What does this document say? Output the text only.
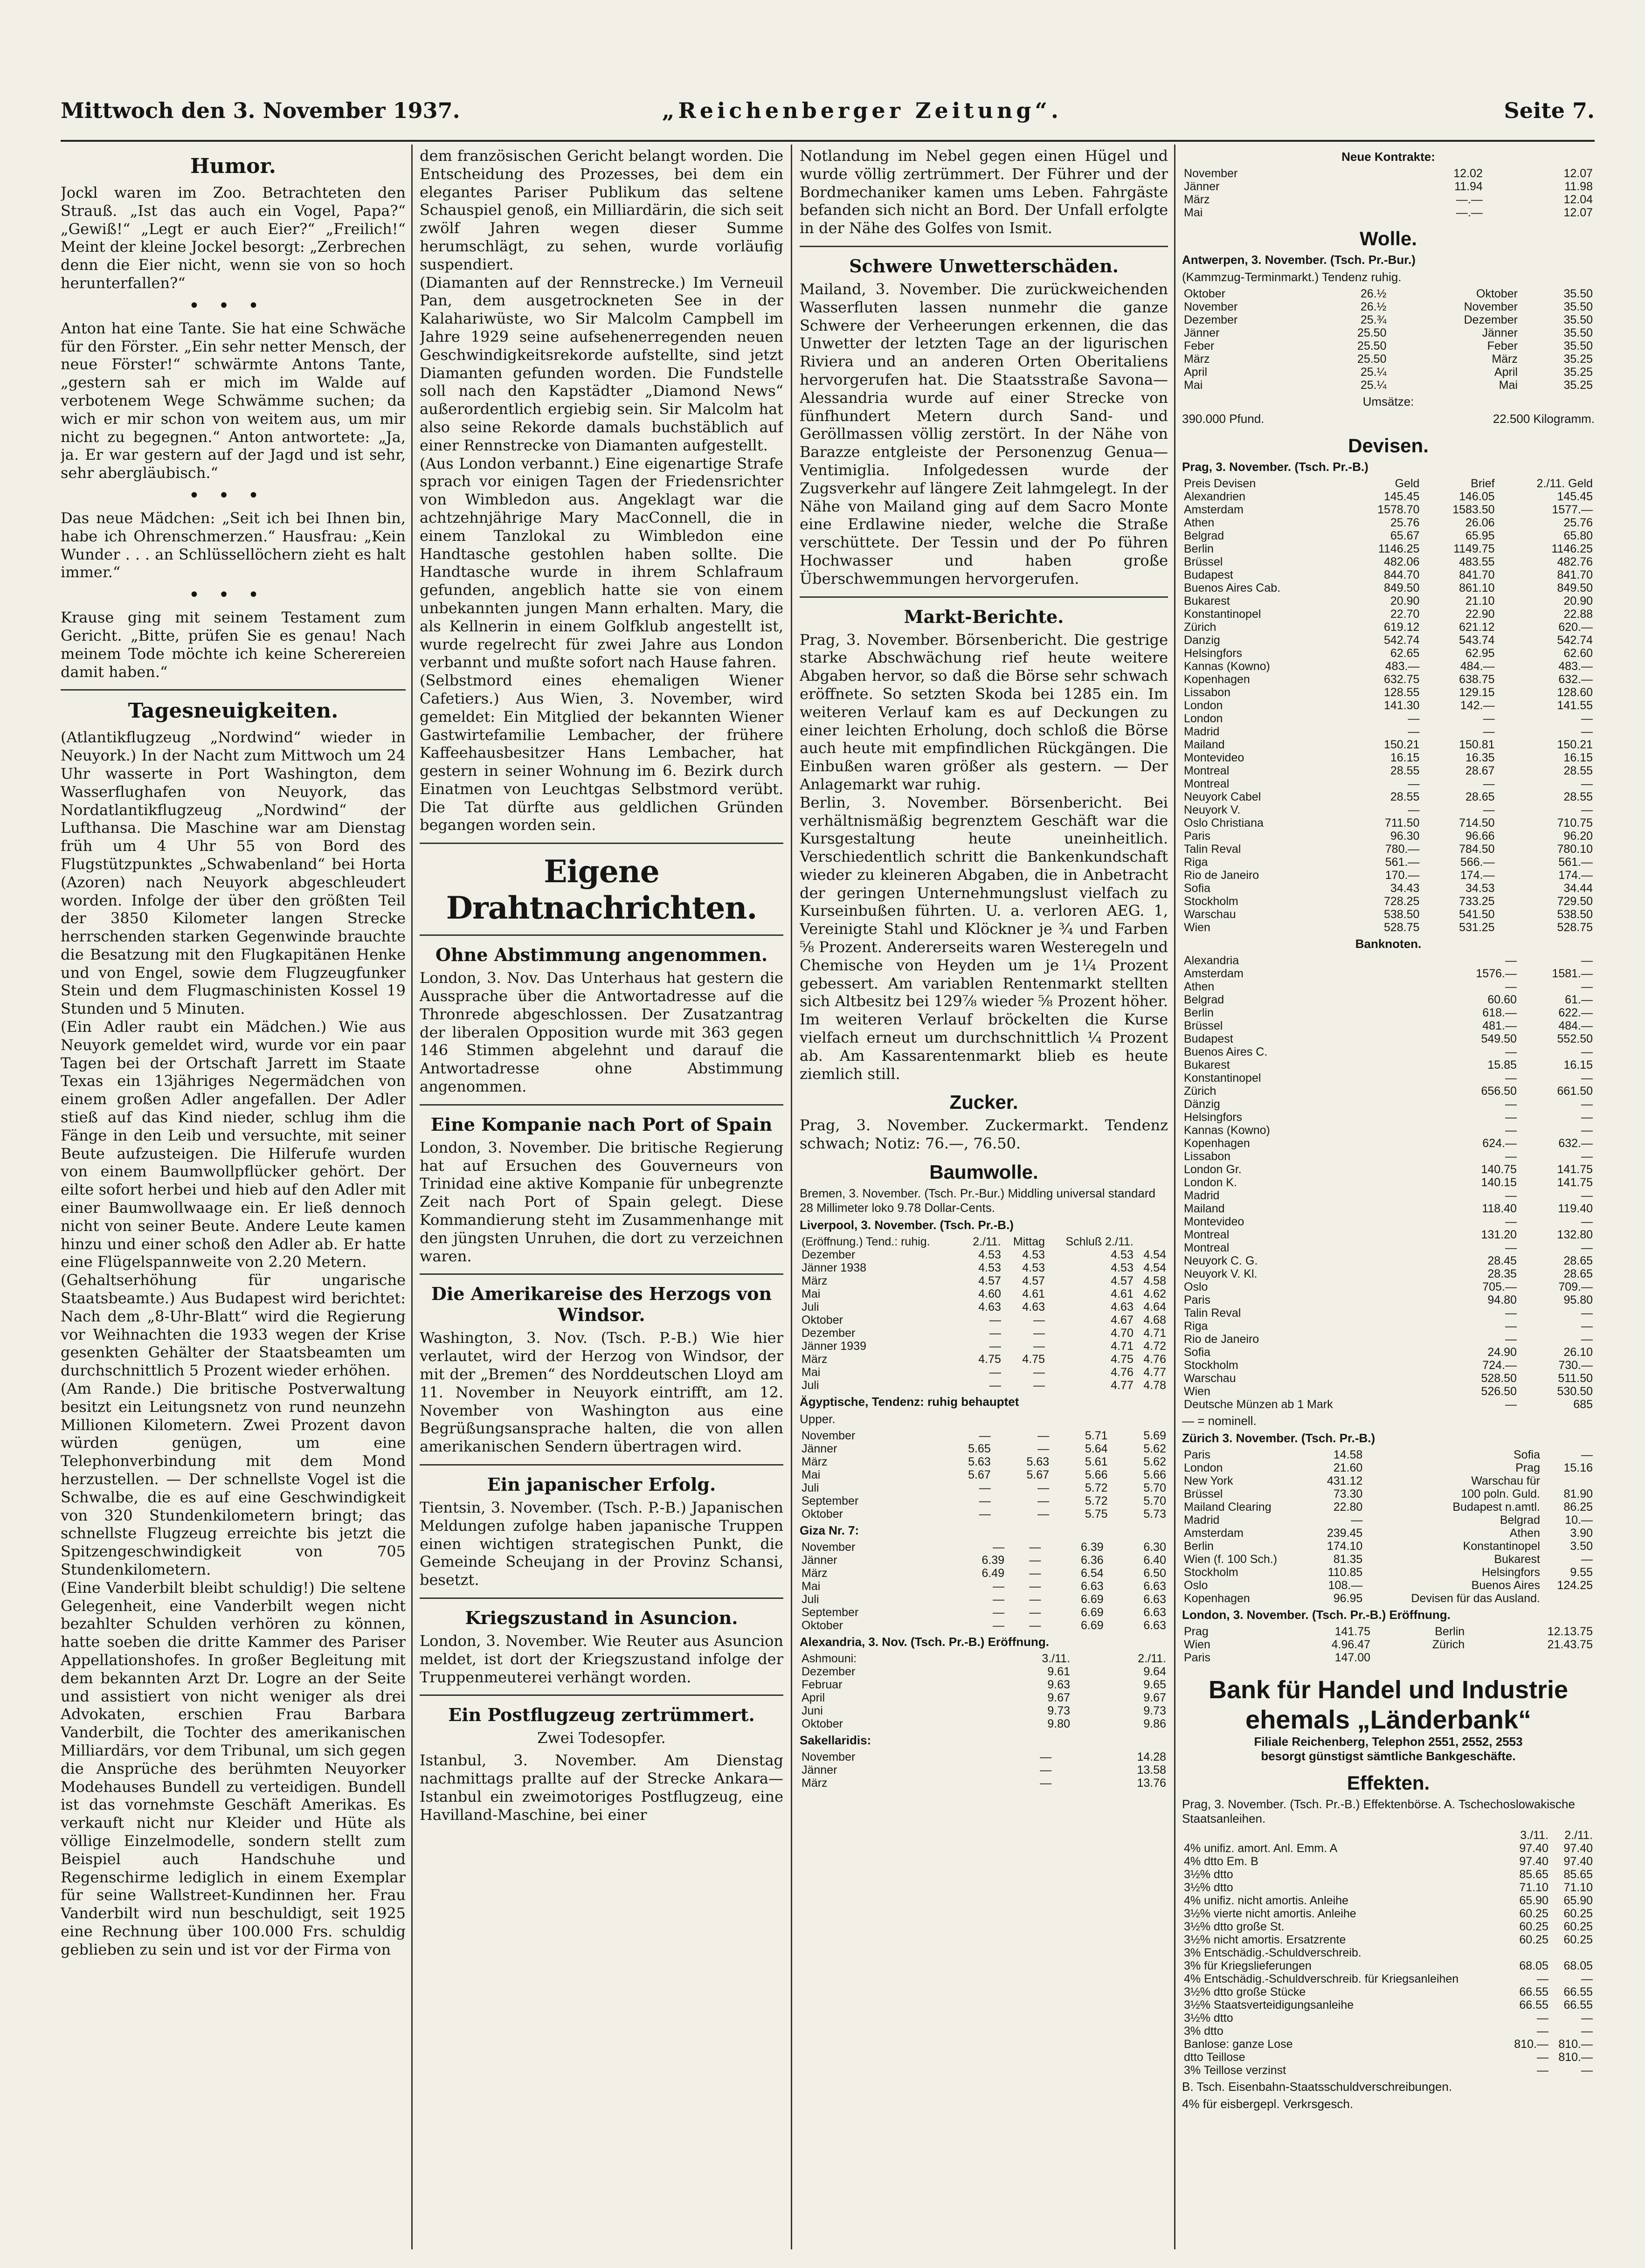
Mittwoch den 3. November 1937.	„Reichenberger Zeitung“.	Seite 7.
Humor.

Jockl waren im Zoo. Betrachteten den Strauß. „Ist das auch ein Vogel, Papa?“ „Gewiß!“ „Legt er auch Eier?“ „Freilich!“ Meint der kleine Jockel besorgt: „Zerbrechen denn die Eier nicht, wenn sie von so hoch herunterfallen?“

•••

Anton hat eine Tante. Sie hat eine Schwäche für den Förster. „Ein sehr netter Mensch, der neue Förster!“ schwärmte Antons Tante, „gestern sah er mich im Walde auf verbotenem Wege Schwämme suchen; da wich er mir schon von weitem aus, um mir nicht zu begegnen.“ Anton antwortete: „Ja, ja. Er war gestern auf der Jagd und ist sehr, sehr abergläubisch.“

•••

Das neue Mädchen: „Seit ich bei Ihnen bin, habe ich Ohrenschmerzen.“ Hausfrau: „Kein Wunder . . . an Schlüssellöchern zieht es halt immer.“

•••

Krause ging mit seinem Testament zum Gericht. „Bitte, prüfen Sie es genau! Nach meinem Tode möchte ich keine Scherereien damit haben.“

Tagesneuigkeiten.

(Atlantikflugzeug „Nordwind“ wieder in Neuyork.) In der Nacht zum Mittwoch um 24 Uhr wasserte in Port Washington, dem Wasserflughafen von Neuyork, das Nordatlantikflugzeug „Nordwind“ der Lufthansa. Die Maschine war am Dienstag früh um 4 Uhr 55 von Bord des Flugstützpunktes „Schwabenland“ bei Horta (Azoren) nach Neuyork abgeschleudert worden. Infolge der über den größten Teil der 3850 Kilometer langen Strecke herrschenden starken Gegenwinde brauchte die Besatzung mit den Flugkapitänen Henke und von Engel, sowie dem Flugzeugfunker Stein und dem Flugmaschinisten Kossel 19 Stunden und 5 Minuten.

(Ein Adler raubt ein Mädchen.) Wie aus Neuyork gemeldet wird, wurde vor ein paar Tagen bei der Ortschaft Jarrett im Staate Texas ein 13jähriges Negermädchen von einem großen Adler angefallen. Der Adler stieß auf das Kind nieder, schlug ihm die Fänge in den Leib und versuchte, mit seiner Beute aufzusteigen. Die Hilferufe wurden von einem Baumwollpflücker gehört. Der eilte sofort herbei und hieb auf den Adler mit einer Baumwollwaage ein. Er ließ dennoch nicht von seiner Beute. Andere Leute kamen hinzu und einer schoß den Adler ab. Er hatte eine Flügelspannweite von 2.20 Metern.

(Gehaltserhöhung für ungarische Staatsbeamte.) Aus Budapest wird berichtet: Nach dem „8-Uhr-Blatt“ wird die Regierung vor Weihnachten die 1933 wegen der Krise gesenkten Gehälter der Staatsbeamten um durchschnittlich 5 Prozent wieder erhöhen.

(Am Rande.) Die britische Postverwaltung besitzt ein Leitungsnetz von rund neunzehn Millionen Kilometern. Zwei Prozent davon würden genügen, um eine Telephonverbindung mit dem Mond herzustellen. — Der schnellste Vogel ist die Schwalbe, die es auf eine Geschwindigkeit von 320 Stundenkilometern bringt; das schnellste Flugzeug erreichte bis jetzt die Spitzengeschwindigkeit von 705 Stundenkilometern.

(Eine Vanderbilt bleibt schuldig!) Die seltene Gelegenheit, eine Vanderbilt wegen nicht bezahlter Schulden verhören zu können, hatte soeben die dritte Kammer des Pariser Appellationshofes. In großer Begleitung mit dem bekannten Arzt Dr. Logre an der Seite und assistiert von nicht weniger als drei Advokaten, erschien Frau Barbara Vanderbilt, die Tochter des amerikanischen Milliardärs, vor dem Tribunal, um sich gegen die Ansprüche des berühmten Neuyorker Modehauses Bundell zu verteidigen. Bundell ist das vornehmste Geschäft Amerikas. Es verkauft nicht nur Kleider und Hüte als völlige Einzelmodelle, sondern stellt zum Beispiel auch Handschuhe und Regenschirme lediglich in einem Exemplar für seine Wallstreet-Kundinnen her. Frau Vanderbilt wird nun beschuldigt, seit 1925 eine Rechnung über 100.000 Frs. schuldig geblieben zu sein und ist vor der Firma von

dem französischen Gericht belangt worden. Die Entscheidung des Prozesses, bei dem ein elegantes Pariser Publikum das seltene Schauspiel genoß, ein Milliardärin, die sich seit zwölf Jahren wegen dieser Summe herumschlägt, zu sehen, wurde vorläufig suspendiert.

(Diamanten auf der Rennstrecke.) Im Verneuil Pan, dem ausgetrockneten See in der Kalahariwüste, wo Sir Malcolm Campbell im Jahre 1929 seine aufsehenerregenden neuen Geschwindigkeitsrekorde aufstellte, sind jetzt Diamanten gefunden worden. Die Fundstelle soll nach den Kapstädter „Diamond News“ außerordentlich ergiebig sein. Sir Malcolm hat also seine Rekorde damals buchstäblich auf einer Rennstrecke von Diamanten aufgestellt.

(Aus London verbannt.) Eine eigenartige Strafe sprach vor einigen Tagen der Friedensrichter von Wimbledon aus. Angeklagt war die achtzehnjährige Mary MacConnell, die in einem Tanzlokal zu Wimbledon eine Handtasche gestohlen haben sollte. Die Handtasche wurde in ihrem Schlafraum gefunden, angeblich hatte sie von einem unbekannten jungen Mann erhalten. Mary, die als Kellnerin in einem Golfklub angestellt ist, wurde regelrecht für zwei Jahre aus London verbannt und mußte sofort nach Hause fahren.

(Selbstmord eines ehemaligen Wiener Cafetiers.) Aus Wien, 3. November, wird gemeldet: Ein Mitglied der bekannten Wiener Gastwirtefamilie Lembacher, der frühere Kaffeehausbesitzer Hans Lembacher, hat gestern in seiner Wohnung im 6. Bezirk durch Einatmen von Leuchtgas Selbstmord verübt. Die Tat dürfte aus geldlichen Gründen begangen worden sein.

Eigene Drahtnachrichten.
Ohne Abstimmung angenommen.

London, 3. Nov. Das Unterhaus hat gestern die Aussprache über die Antwortadresse auf die Thronrede abgeschlossen. Der Zusatzantrag der liberalen Opposition wurde mit 363 gegen 146 Stimmen abgelehnt und darauf die Antwortadresse ohne Abstimmung angenommen.

Eine Kompanie nach Port of Spain

London, 3. November. Die britische Regierung hat auf Ersuchen des Gouverneurs von Trinidad eine aktive Kompanie für unbegrenzte Zeit nach Port of Spain gelegt. Diese Kommandierung steht im Zusammenhange mit den jüngsten Unruhen, die dort zu verzeichnen waren.

Die Amerikareise des Herzogs von Windsor.

Washington, 3. Nov. (Tsch. P.-B.) Wie hier verlautet, wird der Herzog von Windsor, der mit der „Bremen“ des Norddeutschen Lloyd am 11. November in Neuyork eintrifft, am 12. November von Washington aus eine Begrüßungsansprache halten, die von allen amerikanischen Sendern übertragen wird.

Ein japanischer Erfolg.

Tientsin, 3. November. (Tsch. P.-B.) Japanischen Meldungen zufolge haben japanische Truppen einen wichtigen strategischen Punkt, die Gemeinde Scheujang in der Provinz Schansi, besetzt.

Kriegszustand in Asuncion.

London, 3. November. Wie Reuter aus Asuncion meldet, ist dort der Kriegszustand infolge der Truppenmeuterei verhängt worden.

Ein Postflugzeug zertrümmert.
Zwei Todesopfer.

Istanbul, 3. November. Am Dienstag nachmittags prallte auf der Strecke Ankara—Istanbul ein zweimotoriges Postflugzeug, eine Havilland-Maschine, bei einer

Notlandung im Nebel gegen einen Hügel und wurde völlig zertrümmert. Der Führer und der Bordmechaniker kamen ums Leben. Fahrgäste befanden sich nicht an Bord. Der Unfall erfolgte in der Nähe des Golfes von Ismit.

Schwere Unwetterschäden.

Mailand, 3. November. Die zurückweichenden Wasserfluten lassen nunmehr die ganze Schwere der Verheerungen erkennen, die das Unwetter der letzten Tage an der ligurischen Riviera und an anderen Orten Oberitaliens hervorgerufen hat. Die Staatsstraße Savona—Alessandria wurde auf einer Strecke von fünfhundert Metern durch Sand- und Geröllmassen völlig zerstört. In der Nähe von Barazze entgleiste der Personenzug Genua—Ventimiglia. Infolgedessen wurde der Zugsverkehr auf längere Zeit lahmgelegt. In der Nähe von Mailand ging auf dem Sacro Monte eine Erdlawine nieder, welche die Straße verschüttete. Der Tessin und der Po führen Hochwasser und haben große Überschwemmungen hervorgerufen.

Markt-Berichte.

Prag, 3. November. Börsenbericht. Die gestrige starke Abschwächung rief heute weitere Abgaben hervor, so daß die Börse sehr schwach eröffnete. So setzten Skoda bei 1285 ein. Im weiteren Verlauf kam es auf Deckungen zu einer leichten Erholung, doch schloß die Börse auch heute mit empfindlichen Rückgängen. Die Einbußen waren größer als gestern. — Der Anlagemarkt war ruhig.

Berlin, 3. November. Börsenbericht. Bei verhältnismäßig begrenztem Geschäft war die Kursgestaltung heute uneinheitlich. Verschiedentlich schritt die Bankenkundschaft wieder zu kleineren Abgaben, die in Anbetracht der geringen Unternehmungslust vielfach zu Kurseinbußen führten. U. a. verloren AEG. 1, Vereinigte Stahl und Klöckner je ¾ und Farben ⅝ Prozent. Andererseits waren Westeregeln und Chemische von Heyden um je 1¼ Prozent gebessert. Am variablen Rentenmarkt stellten sich Altbesitz bei 129⅞ wieder ⅝ Prozent höher. Im weiteren Verlauf bröckelten die Kurse vielfach erneut um durchschnittlich ¼ Prozent ab. Am Kassarentenmarkt blieb es heute ziemlich still.

Zucker.

Prag, 3. November. Zuckermarkt. Tendenz schwach; Notiz: 76.—, 76.50.

Baumwolle.

Bremen, 3. November. (Tsch. Pr.-Bur.) Middling universal standard 28 Millimeter loko 9.78 Dollar-Cents.

Liverpool, 3. November. (Tsch. Pr.-B.)

(Eröffnung.) Tend.: ruhig.	2./11.	Mittag	Schluß 2./11.	
Dezember	4.53	4.53	4.53	4.54
Jänner 1938	4.53	4.53	4.53	4.54
März	4.57	4.57	4.57	4.58
Mai	4.60	4.61	4.61	4.62
Juli	4.63	4.63	4.63	4.64
Oktober	—	—	4.67	4.68
Dezember	—	—	4.70	4.71
Jänner 1939	—	—	4.71	4.72
März	4.75	4.75	4.75	4.76
Mai	—	—	4.76	4.77
Juli	—	—	4.77	4.78

Ägyptische, Tendenz: ruhig behauptet

Upper.

November	—	—	5.71	5.69
Jänner	5.65	—	5.64	5.62
März	5.63	5.63	5.61	5.62
Mai	5.67	5.67	5.66	5.66
Juli	—	—	5.72	5.70
September	—	—	5.72	5.70
Oktober	—	—	5.75	5.73

Giza Nr. 7:

November	—	—	6.39	6.30
Jänner	6.39	—	6.36	6.40
März	6.49	—	6.54	6.50
Mai	—	—	6.63	6.63
Juli	—	—	6.69	6.63
September	—	—	6.69	6.63
Oktober	—	—	6.69	6.63

Alexandria, 3. Nov. (Tsch. Pr.-B.) Eröffnung.

Ashmouni:	3./11.	2./11.
Dezember	9.61	9.64
Februar	9.63	9.65
April	9.67	9.67
Juni	9.73	9.73
Oktober	9.80	9.86

Sakellaridis:

November	—	14.28
Jänner	—	13.58
März	—	13.76

Neue Kontrakte:

November	12.02	12.07
Jänner	11.94	11.98
März	—.—	12.04
Mai	—.—	12.07
Wolle.

Antwerpen, 3. November. (Tsch. Pr.-Bur.)

(Kammzug-Terminmarkt.) Tendenz ruhig.

Oktober	26.½	Oktober	35.50
November	26.½	November	35.50
Dezember	25.¾	Dezember	35.50
Jänner	25.50	Jänner	35.50
Feber	25.50	Feber	35.50
März	25.50	März	35.25
April	25.¼	April	35.25
Mai	25.¼	Mai	35.25

Umsätze:

390.000 Pfund.	22.500 Kilogramm.

Devisen.

Prag, 3. November. (Tsch. Pr.-B.)

Preis Devisen	Geld	Brief	2./11. Geld
Alexandrien	145.45	146.05	145.45
Amsterdam	1578.70	1583.50	1577.—
Athen	25.76	26.06	25.76
Belgrad	65.67	65.95	65.80
Berlin	1146.25	1149.75	1146.25
Brüssel	482.06	483.55	482.76
Budapest	844.70	841.70	841.70
Buenos Aires Cab.	849.50	861.10	849.50
Bukarest	20.90	21.10	20.90
Konstantinopel	22.70	22.90	22.88
Zürich	619.12	621.12	620.—
Danzig	542.74	543.74	542.74
Helsingfors	62.65	62.95	62.60
Kannas (Kowno)	483.—	484.—	483.—
Kopenhagen	632.75	638.75	632.—
Lissabon	128.55	129.15	128.60
London	141.30	142.—	141.55
London	—	—	—
Madrid	—	—	—
Mailand	150.21	150.81	150.21
Montevideo	16.15	16.35	16.15
Montreal	28.55	28.67	28.55
Montreal	—	—	—
Neuyork Cabel	28.55	28.65	28.55
Neuyork V.	—	—	—
Oslo Christiana	711.50	714.50	710.75
Paris	96.30	96.66	96.20
Talin Reval	780.—	784.50	780.10
Riga	561.—	566.—	561.—
Rio de Janeiro	170.—	174.—	174.—
Sofia	34.43	34.53	34.44
Stockholm	728.25	733.25	729.50
Warschau	538.50	541.50	538.50
Wien	528.75	531.25	528.75

Banknoten.

Alexandria	—	—
Amsterdam	1576.—	1581.—
Athen	—	—
Belgrad	60.60	61.—
Berlin	618.—	622.—
Brüssel	481.—	484.—
Budapest	549.50	552.50
Buenos Aires C.	—	—
Bukarest	15.85	16.15
Konstantinopel	—	—
Zürich	656.50	661.50
Dänzig	—	—
Helsingfors	—	—
Kannas (Kowno)	—	—
Kopenhagen	624.—	632.—
Lissabon	—	—
London Gr.	140.75	141.75
London K.	140.15	141.75
Madrid	—	—
Mailand	118.40	119.40
Montevideo	—	—
Montreal	131.20	132.80
Montreal	—	—
Neuyork C. G.	28.45	28.65
Neuyork V. Kl.	28.35	28.65
Oslo	705.—	709.—
Paris	94.80	95.80
Talin Reval	—	—
Riga	—	—
Rio de Janeiro	—	—
Sofia	24.90	26.10
Stockholm	724.—	730.—
Warschau	528.50	511.50
Wien	526.50	530.50
Deutsche Münzen ab 1 Mark	—	685

— = nominell.

Zürich 3. November. (Tsch. Pr.-B.)

Paris	14.58	Sofia	—
London	21.60	Prag	15.16
New York	431.12	Warschau für	
Brüssel	73.30	100 poln. Guld.	81.90
Mailand Clearing	22.80	Budapest n.amtl.	86.25
Madrid	—	Belgrad	10.—
Amsterdam	239.45	Athen	3.90
Berlin	174.10	Konstantinopel	3.50
Wien (f. 100 Sch.)	81.35	Bukarest	—
Stockholm	110.85	Helsingfors	9.55
Oslo	108.—	Buenos Aires	124.25
Kopenhagen	96.95	Devisen für das Ausland.	

London, 3. November. (Tsch. Pr.-B.) Eröffnung.

Prag	141.75	Berlin	12.13.75
Wien	4.96.47	Zürich	21.43.75
Paris	147.00		
Bank für Handel und Industrie
ehemals „Länderbank“
Filiale Reichenberg, Telephon 2551, 2552, 2553
besorgt günstigst sämtliche Bankgeschäfte.
Effekten.

Prag, 3. November. (Tsch. Pr.-B.) Effektenbörse. A. Tschechoslowakische Staatsanleihen.

	3./11.	2./11.
4% unifiz. amort. Anl. Emm. A	97.40	97.40
4% dtto Em. B	97.40	97.40
3½% dtto	85.65	85.65
3½% dtto	71.10	71.10
4% unifiz. nicht amortis. Anleihe	65.90	65.90
3½% vierte nicht amortis. Anleihe	60.25	60.25
3½% dtto große St.	60.25	60.25
3½% nicht amortis. Ersatzrente	60.25	60.25
3% Entschädig.-Schuldverschreib.		
3% für Kriegslieferungen	68.05	68.05
4% Entschädig.-Schuldverschreib. für Kriegsanleihen	—	—
3½% dtto große Stücke	66.55	66.55
3½% Staatsverteidigungsanleihe	66.55	66.55
3½% dtto	—	—
3% dtto	—	—
Banlose: ganze Lose	810.—	810.—
dtto Teillose	—	810.—
3% Teillose verzinst	—	—

B. Tsch. Eisenbahn-Staatsschuldverschreibungen.

4% für eisbergepl. Verkrsgesch.
